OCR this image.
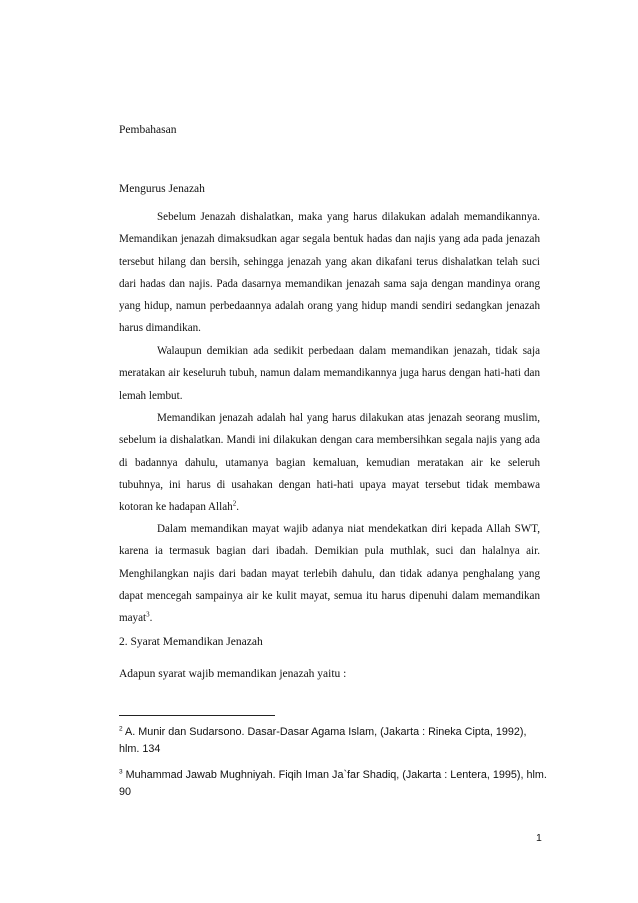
Pembahasan
Mengurus Jenazah

Sebelum Jenazah dishalatkan, maka yang harus dilakukan adalah memandikannya. Memandikan jenazah dimaksudkan agar segala bentuk hadas dan najis yang ada pada jenazah tersebut hilang dan bersih, sehingga jenazah yang akan dikafani terus dishalatkan telah suci dari hadas dan najis. Pada dasarnya memandikan jenazah sama saja dengan mandinya orang yang hidup, namun perbedaannya adalah orang yang hidup mandi sendiri sedangkan jenazah harus dimandikan.

Walaupun demikian ada sedikit perbedaan dalam memandikan jenazah, tidak saja meratakan air keseluruh tubuh, namun dalam memandikannya juga harus dengan hati-hati dan lemah lembut.

Memandikan jenazah adalah hal yang harus dilakukan atas jenazah seorang muslim, sebelum ia dishalatkan. Mandi ini dilakukan dengan cara membersihkan segala najis yang ada di badannya dahulu, utamanya bagian kemaluan, kemudian meratakan air ke seleruh tubuhnya, ini harus di usahakan dengan hati-hati upaya mayat tersebut tidak membawa kotoran ke hadapan Allah$^2$.

Dalam memandikan mayat wajib adanya niat mendekatkan diri kepada Allah SWT, karena ia termasuk bagian dari ibadah. Demikian pula muthlak, suci dan halalnya air. Menghilangkan najis dari badan mayat terlebih dahulu, dan tidak adanya penghalang yang dapat mencegah sampainya air ke kulit mayat, semua itu harus dipenuhi dalam memandikan mayat$^3$.

2. Syarat Memandikan Jenazah
Adapun syarat wajib memandikan jenazah yaitu :

$^2$ A. Munir dan Sudarsono. Dasar-Dasar Agama Islam, (Jakarta : Rineka Cipta, 1992), hlm. 134

$^3$ Muhammad Jawab Mughniyah. Fiqih Iman Ja`far Shadiq, (Jakarta : Lentera, 1995), hlm. 90

1
